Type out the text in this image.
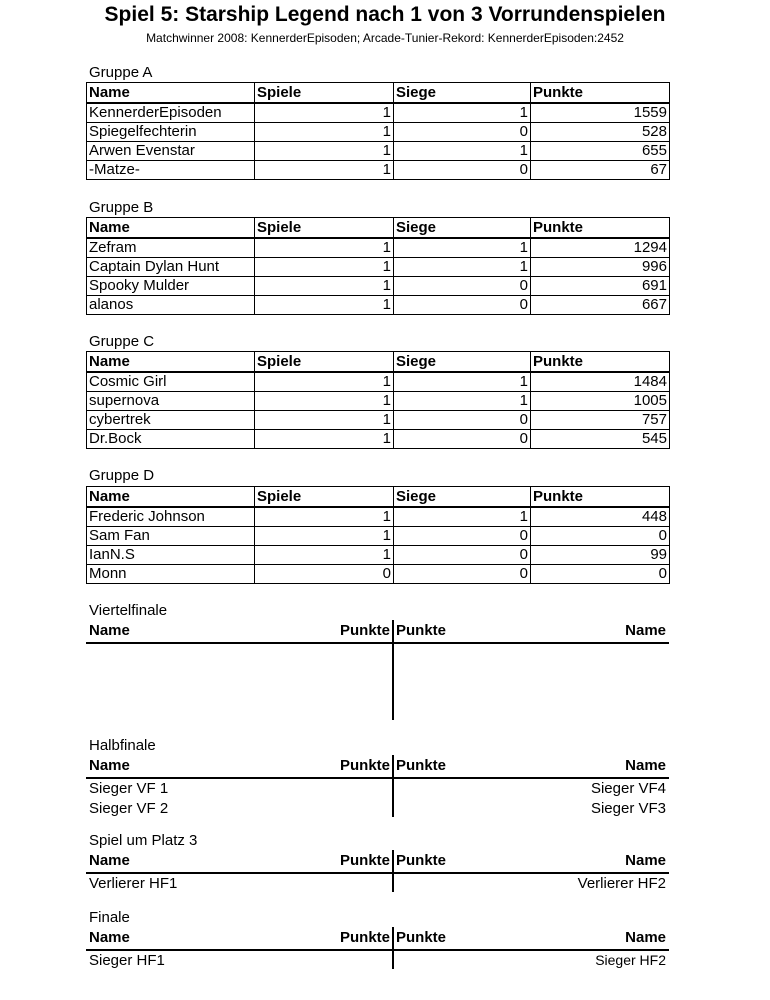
Spiel 5: Starship Legend nach 1 von 3 Vorrundenspielen
Matchwinner 2008: KennerderEpisoden; Arcade-Tunier-Rekord: KennerderEpisoden:2452
Gruppe A
Name	Spiele	Siege	Punkte
KennerderEpisoden	1	1	1559
Spiegelfechterin	1	0	528
Arwen Evenstar	1	1	655
-Matze-	1	0	67
Gruppe B
Name	Spiele	Siege	Punkte
Zefram	1	1	1294
Captain Dylan Hunt	1	1	996
Spooky Mulder	1	0	691
alanos	1	0	667
Gruppe C
Name	Spiele	Siege	Punkte
Cosmic Girl	1	1	1484
supernova	1	1	1005
cybertrek	1	0	757
Dr.Bock	1	0	545
Gruppe D
Name	Spiele	Siege	Punkte
Frederic Johnson	1	1	448
Sam Fan	1	0	0
IanN.S	1	0	99
Monn	0	0	0
Viertelfinale
Name	Punkte Punkte	Name
Halbfinale
Name	Punkte Punkte	Name
Sieger VF 1	Sieger VF4
Sieger VF 2	Sieger VF3
Spiel um Platz 3
Name	Punkte Punkte	Name
Verlierer HF1	Verlierer HF2
Finale
Name	Punkte Punkte	Name
Sieger HF1	Sieger HF2
